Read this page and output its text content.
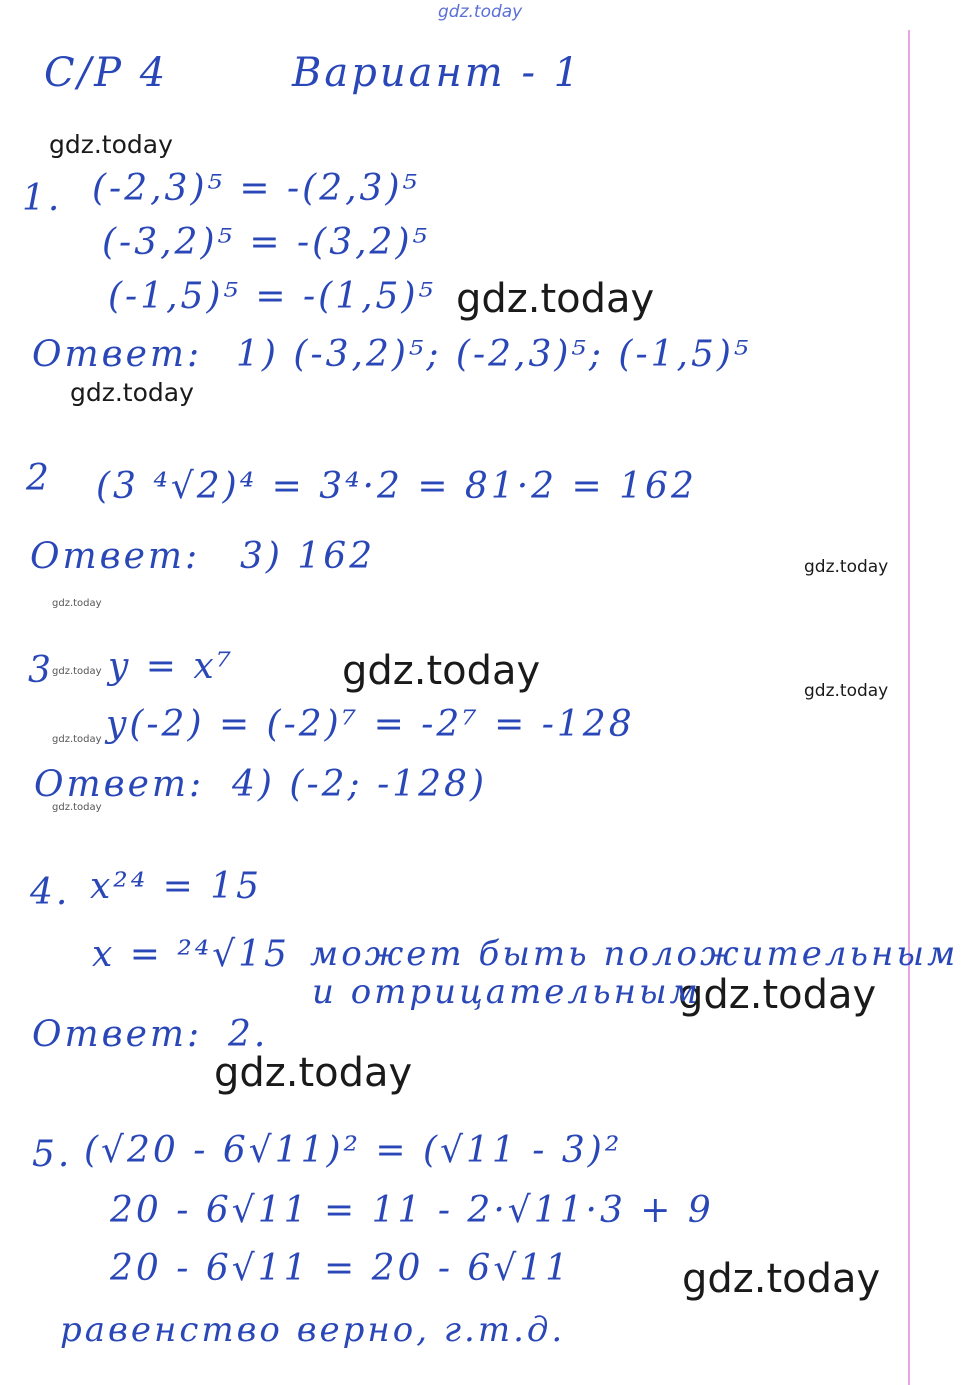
gdz.today
gdz.today
gdz.today
gdz.today
gdz.today
gdz.today
gdz.today
gdz.today
gdz.today
gdz.today
gdz.today
gdz.today
gdz.today
gdz.today
С/Р 4	Вариант - 1
1. (-2,3)⁵ = -(2,3)⁵
(-3,2)⁵ = -(3,2)⁵
(-1,5)⁵ = -(1,5)⁵
Ответ: 1) (-3,2)⁵; (-2,3)⁵; (-1,5)⁵
2 (3 ⁴√2)⁴ = 3⁴·2 = 81·2 = 162
Ответ: 3) 162
3 y = x⁷
y(-2) = (-2)⁷ = -2⁷ = -128
Ответ: 4) (-2; -128)
4. x²⁴ = 15
x = ²⁴√15 может быть положительным
и отрицательным
Ответ: 2.
5. (√20 - 6√11)² = (√11 - 3)²
20 - 6√11 = 11 - 2·√11·3 + 9
20 - 6√11 = 20 - 6√11
равенство верно, г.т.д.
